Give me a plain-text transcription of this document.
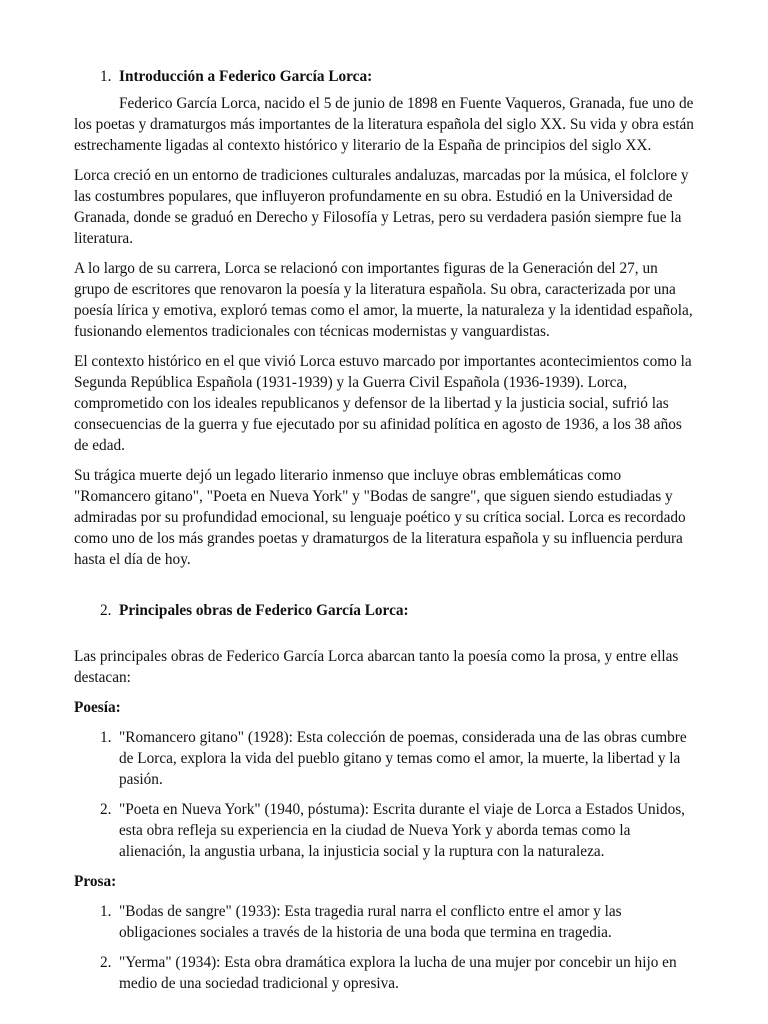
1. Introducción a Federico García Lorca:

Federico García Lorca, nacido el 5 de junio de 1898 en Fuente Vaqueros, Granada, fue uno de los poetas y dramaturgos más importantes de la literatura española del siglo XX. Su vida y obra están estrechamente ligadas al contexto histórico y literario de la España de principios del siglo XX.

Lorca creció en un entorno de tradiciones culturales andaluzas, marcadas por la música, el folclore y las costumbres populares, que influyeron profundamente en su obra. Estudió en la Universidad de Granada, donde se graduó en Derecho y Filosofía y Letras, pero su verdadera pasión siempre fue la literatura.

A lo largo de su carrera, Lorca se relacionó con importantes figuras de la Generación del 27, un grupo de escritores que renovaron la poesía y la literatura española. Su obra, caracterizada por una poesía lírica y emotiva, exploró temas como el amor, la muerte, la naturaleza y la identidad española, fusionando elementos tradicionales con técnicas modernistas y vanguardistas.

El contexto histórico en el que vivió Lorca estuvo marcado por importantes acontecimientos como la Segunda República Española (1931-1939) y la Guerra Civil Española (1936-1939). Lorca, comprometido con los ideales republicanos y defensor de la libertad y la justicia social, sufrió las consecuencias de la guerra y fue ejecutado por su afinidad política en agosto de 1936, a los 38 años de edad.

Su trágica muerte dejó un legado literario inmenso que incluye obras emblemáticas como "Romancero gitano", "Poeta en Nueva York" y "Bodas de sangre", que siguen siendo estudiadas y admiradas por su profundidad emocional, su lenguaje poético y su crítica social. Lorca es recordado como uno de los más grandes poetas y dramaturgos de la literatura española y su influencia perdura hasta el día de hoy.

2. Principales obras de Federico García Lorca:

Las principales obras de Federico García Lorca abarcan tanto la poesía como la prosa, y entre ellas destacan:

Poesía:
1. "Romancero gitano" (1928): Esta colección de poemas, considerada una de las obras cumbre de Lorca, explora la vida del pueblo gitano y temas como el amor, la muerte, la libertad y la pasión.
2. "Poeta en Nueva York" (1940, póstuma): Escrita durante el viaje de Lorca a Estados Unidos, esta obra refleja su experiencia en la ciudad de Nueva York y aborda temas como la alienación, la angustia urbana, la injusticia social y la ruptura con la naturaleza.
Prosa:
1. "Bodas de sangre" (1933): Esta tragedia rural narra el conflicto entre el amor y las obligaciones sociales a través de la historia de una boda que termina en tragedia.
2. "Yerma" (1934): Esta obra dramática explora la lucha de una mujer por concebir un hijo en medio de una sociedad tradicional y opresiva.
